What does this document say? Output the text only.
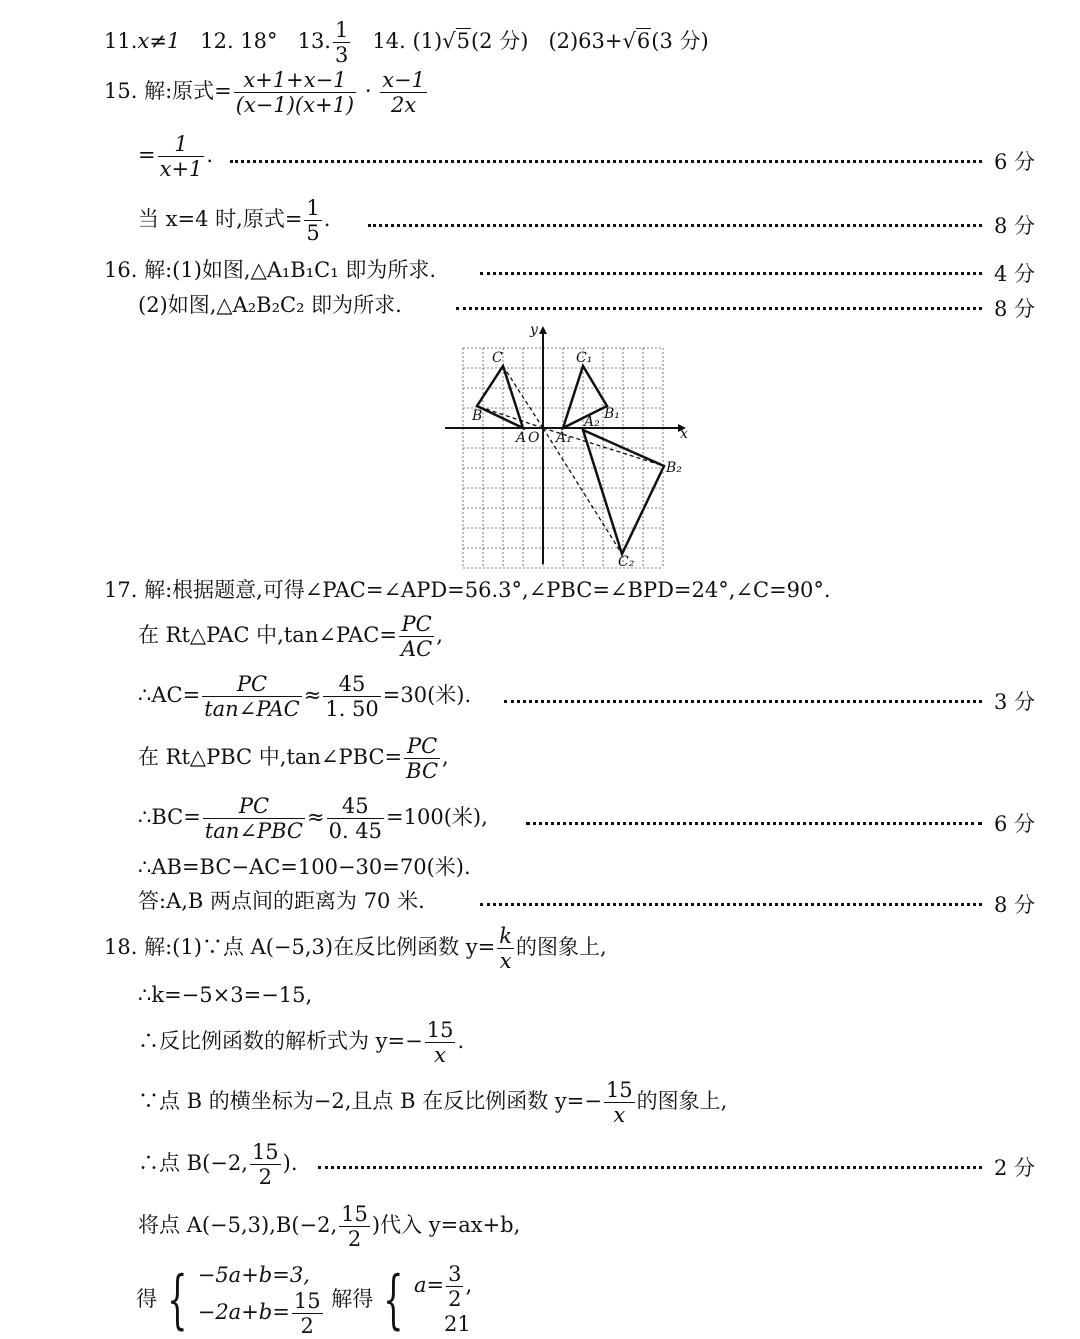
11.x≠1 12. 18° 13. $\frac{1}{3} 14$. (1)√5(2 分) (2)63+√6(3 分)
15. 解:原式= $\frac{x+1+x-1}{(x-1)(x+1)} \cdot \frac{x-1}{2x}$
= $\frac{1}{x+1}$ .	6 分
当 x=4 时,原式= $\frac{1}{5}$ .	8 分
16. 解:(1)如图,△A₁B₁C₁ 即为所求.	4 分
(2)如图,△A₂B₂C₂ 即为所求.	8 分
y
x
O
A
B
C
A₁
B₁
C₁
A₂
B₂
C₂
17. 解:根据题意,可得∠PAC=∠APD=56.3°,∠PBC=∠BPD=24°,∠C=90°.
在 Rt△PAC 中,tan∠PAC= $\frac{PC}{AC}$ ,
∴AC= $\frac{PC}{\text{tan∠PAC}} \approx \frac{45}{1. 50} =30$(米).	3 分
在 Rt△PBC 中,tan∠PBC= $\frac{PC}{BC}$ ,
∴BC= $\frac{PC}{\text{tan∠PBC}} \approx \frac{45}{0. 45} =100$(米),	6 分
∴AB=BC−AC=100−30=70(米).
答:A,B 两点间的距离为 70 米.	8 分
18. 解:(1)∵点 A(−5,3)在反比例函数 $y= \frac{k}{x}$ 的图象上,
∴k=−5×3=−15,
∴反比例函数的解析式为 $y=- \frac{15}{x}$ .
∵点 B 的横坐标为−2,且点 B 在反比例函数 $y=- \frac{15}{x}$ 的图象上,
∴点 B(−2, $\frac{15}{2}$ ).	2 分
将点 A(−5,3),B(−2, $\frac{15}{2}$ )代入 y=ax+b,
得 { −5a+b=3,
$-2a+b= \frac{15}{2}$ 解得 { $a= \frac{3}{2}$ ,
21
